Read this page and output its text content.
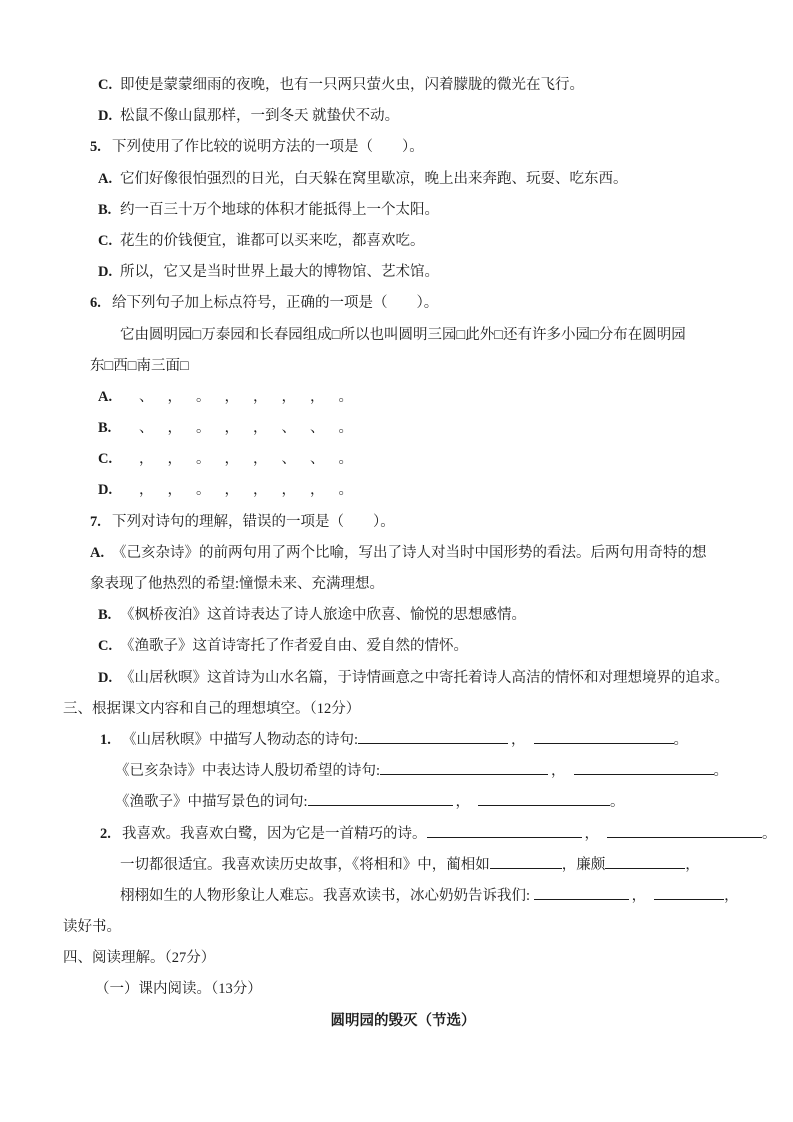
C. 即使是蒙蒙细雨的夜晚，也有一只两只萤火虫，闪着朦胧的微光在飞行。
D. 松鼠不像山鼠那样，一到冬天 就蛰伏不动。
5. 下列使用了作比较的说明方法的一项是（　　）。
A. 它们好像很怕强烈的日光，白天躲在窝里歇凉，晚上出来奔跑、玩耍、吃东西。
B. 约一百三十万个地球的体积才能抵得上一个太阳。
C. 花生的价钱便宜，谁都可以买来吃，都喜欢吃。
D. 所以，它又是当时世界上最大的博物馆、艺术馆。
6. 给下列句子加上标点符号，正确的一项是（　　）。
它由圆明园□万泰园和长春园组成□所以也叫圆明三园□此外□还有许多小园□分布在圆明园
东□西□南三面□
A. 、 ， 。 ， ， ， ， 。
B. 、 ， 。 ， ， 、 、 。
C. ， ， 。 ， ， 、 、 。
D. ， ， 。 ， ， ， ， 。
7. 下列对诗句的理解，错误的一项是（　　）。
A. 《己亥杂诗》的前两句用了两个比喻，写出了诗人对当时中国形势的看法。后两句用奇特的想
象表现了他热烈的希望:憧憬未来、充满理想。
B. 《枫桥夜泊》这首诗表达了诗人旅途中欣喜、愉悦的思想感情。
C. 《渔歌子》这首诗寄托了作者爱自由、爱自然的情怀。
D. 《山居秋暝》这首诗为山水名篇，于诗情画意之中寄托着诗人高洁的情怀和对理想境界的追求。
三、根据课文内容和自己的理想填空。（12分）
1. 《山居秋暝》中描写人物动态的诗句:	，	。
《已亥杂诗》中表达诗人殷切希望的诗句:	，	。
《渔歌子》中描写景色的词句:	，	。
2. 我喜欢。我喜欢白鹭，因为它是一首精巧的诗。	，	。
一切都很适宜。我喜欢读历史故事，《将相和》中，蔺相如	，廉颇	，
栩栩如生的人物形象让人难忘。我喜欢读书，冰心奶奶告诉我们:	，	，
读好书。
四、阅读理解。（27分）
（一）课内阅读。（13分）
圆明园的毁灭（节选）
